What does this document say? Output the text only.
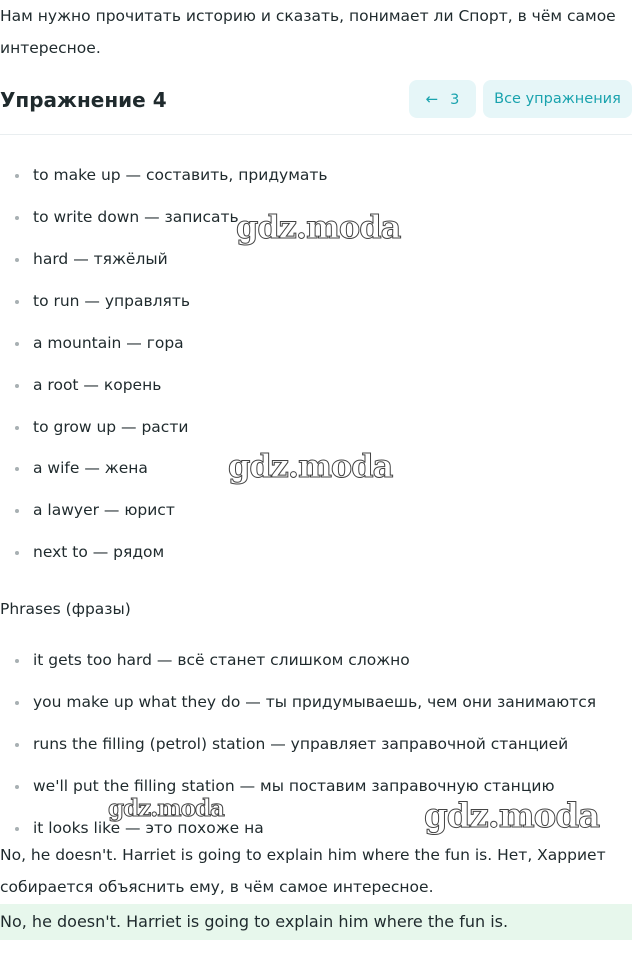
Нам нужно прочитать историю и сказать, понимает ли Спорт, в чём самое интересное.
Упражнение 4	← 3	Все упражнения
to make up — составить, придумать
to write down — записать
hard — тяжёлый
to run — управлять
a mountain — гора
a root — корень
to grow up — расти
a wife — жена
a lawyer — юрист
next to — рядом
Phrases (фразы)
it gets too hard — всё станет слишком сложно
you make up what they do — ты придумываешь, чем они занимаются
runs the filling (petrol) station — управляет заправочной станцией
we'll put the filling station — мы поставим заправочную станцию
it looks like — это похоже на
No, he doesn't. Harriet is going to explain him where the fun is. Нет, Харриет собирается объяснить ему, в чём самое интересное.
No, he doesn't. Harriet is going to explain him where the fun is.
gdz.moda
gdz.moda
gdz.moda	gdz.moda
